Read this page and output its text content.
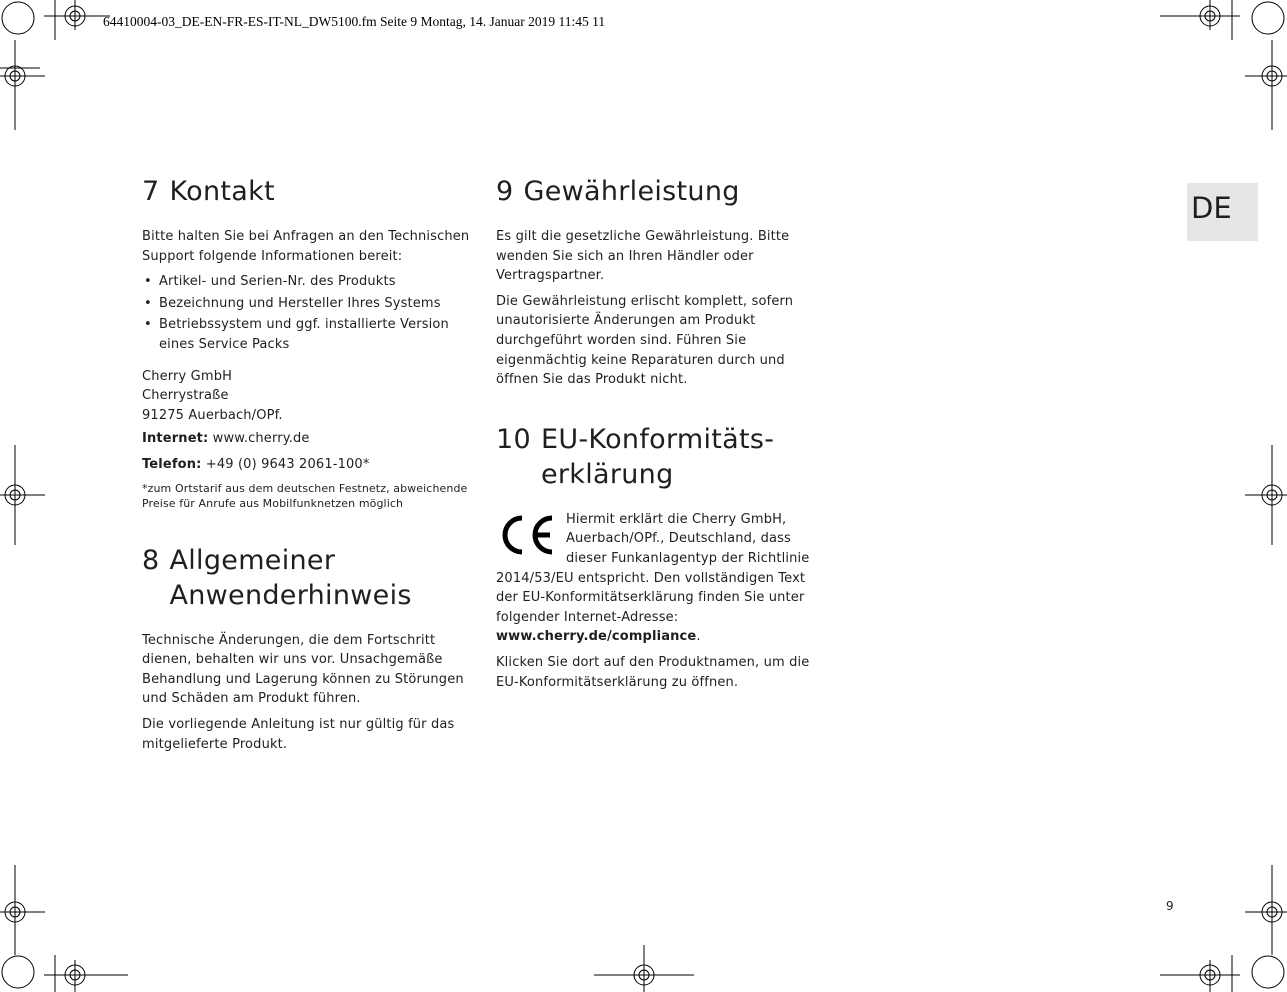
64410004-03_DE-EN-FR-ES-IT-NL_DW5100.fm Seite 9 Montag, 14. Januar 2019 11:45 11
DE
7 Kontakt

Bitte halten Sie bei Anfragen an den Technischen Support folgende Informationen bereit:

• Artikel- und Serien-Nr. des Produkts
• Bezeichnung und Hersteller Ihres Systems
• Betriebssystem und ggf. installierte Version eines Service Packs
Cherry GmbH
Cherrystraße
91275 Auerbach/OPf.

Internet: www.cherry.de

Telefon: +49 (0) 9643 2061-100*

*zum Ortstarif aus dem deutschen Festnetz, abweichende Preise für Anrufe aus Mobilfunknetzen möglich

8 Allgemeiner Anwenderhinweis

Technische Änderungen, die dem Fortschritt dienen, behalten wir uns vor. Unsachgemäße Behandlung und Lagerung können zu Störungen und Schäden am Produkt führen.

Die vorliegende Anleitung ist nur gültig für das mitgelieferte Produkt.

9 Gewährleistung

Es gilt die gesetzliche Gewährleistung. Bitte wenden Sie sich an Ihren Händler oder Vertragspartner.

Die Gewährleistung erlischt komplett, sofern unautorisierte Änderungen am Produkt durchgeführt worden sind. Führen Sie eigenmächtig keine Reparaturen durch und öffnen Sie das Produkt nicht.

10 EU-Konformitäts-erklärung

Hiermit erklärt die Cherry GmbH, Auerbach/OPf., Deutschland, dass dieser Funkanlagentyp der Richtlinie 2014/53/EU entspricht. Den vollständigen Text der EU-Konformitätserklärung finden Sie unter folgender Internet-Adresse:

www.cherry.de/compliance.

Klicken Sie dort auf den Produktnamen, um die EU-Konformitätserklärung zu öffnen.

9
